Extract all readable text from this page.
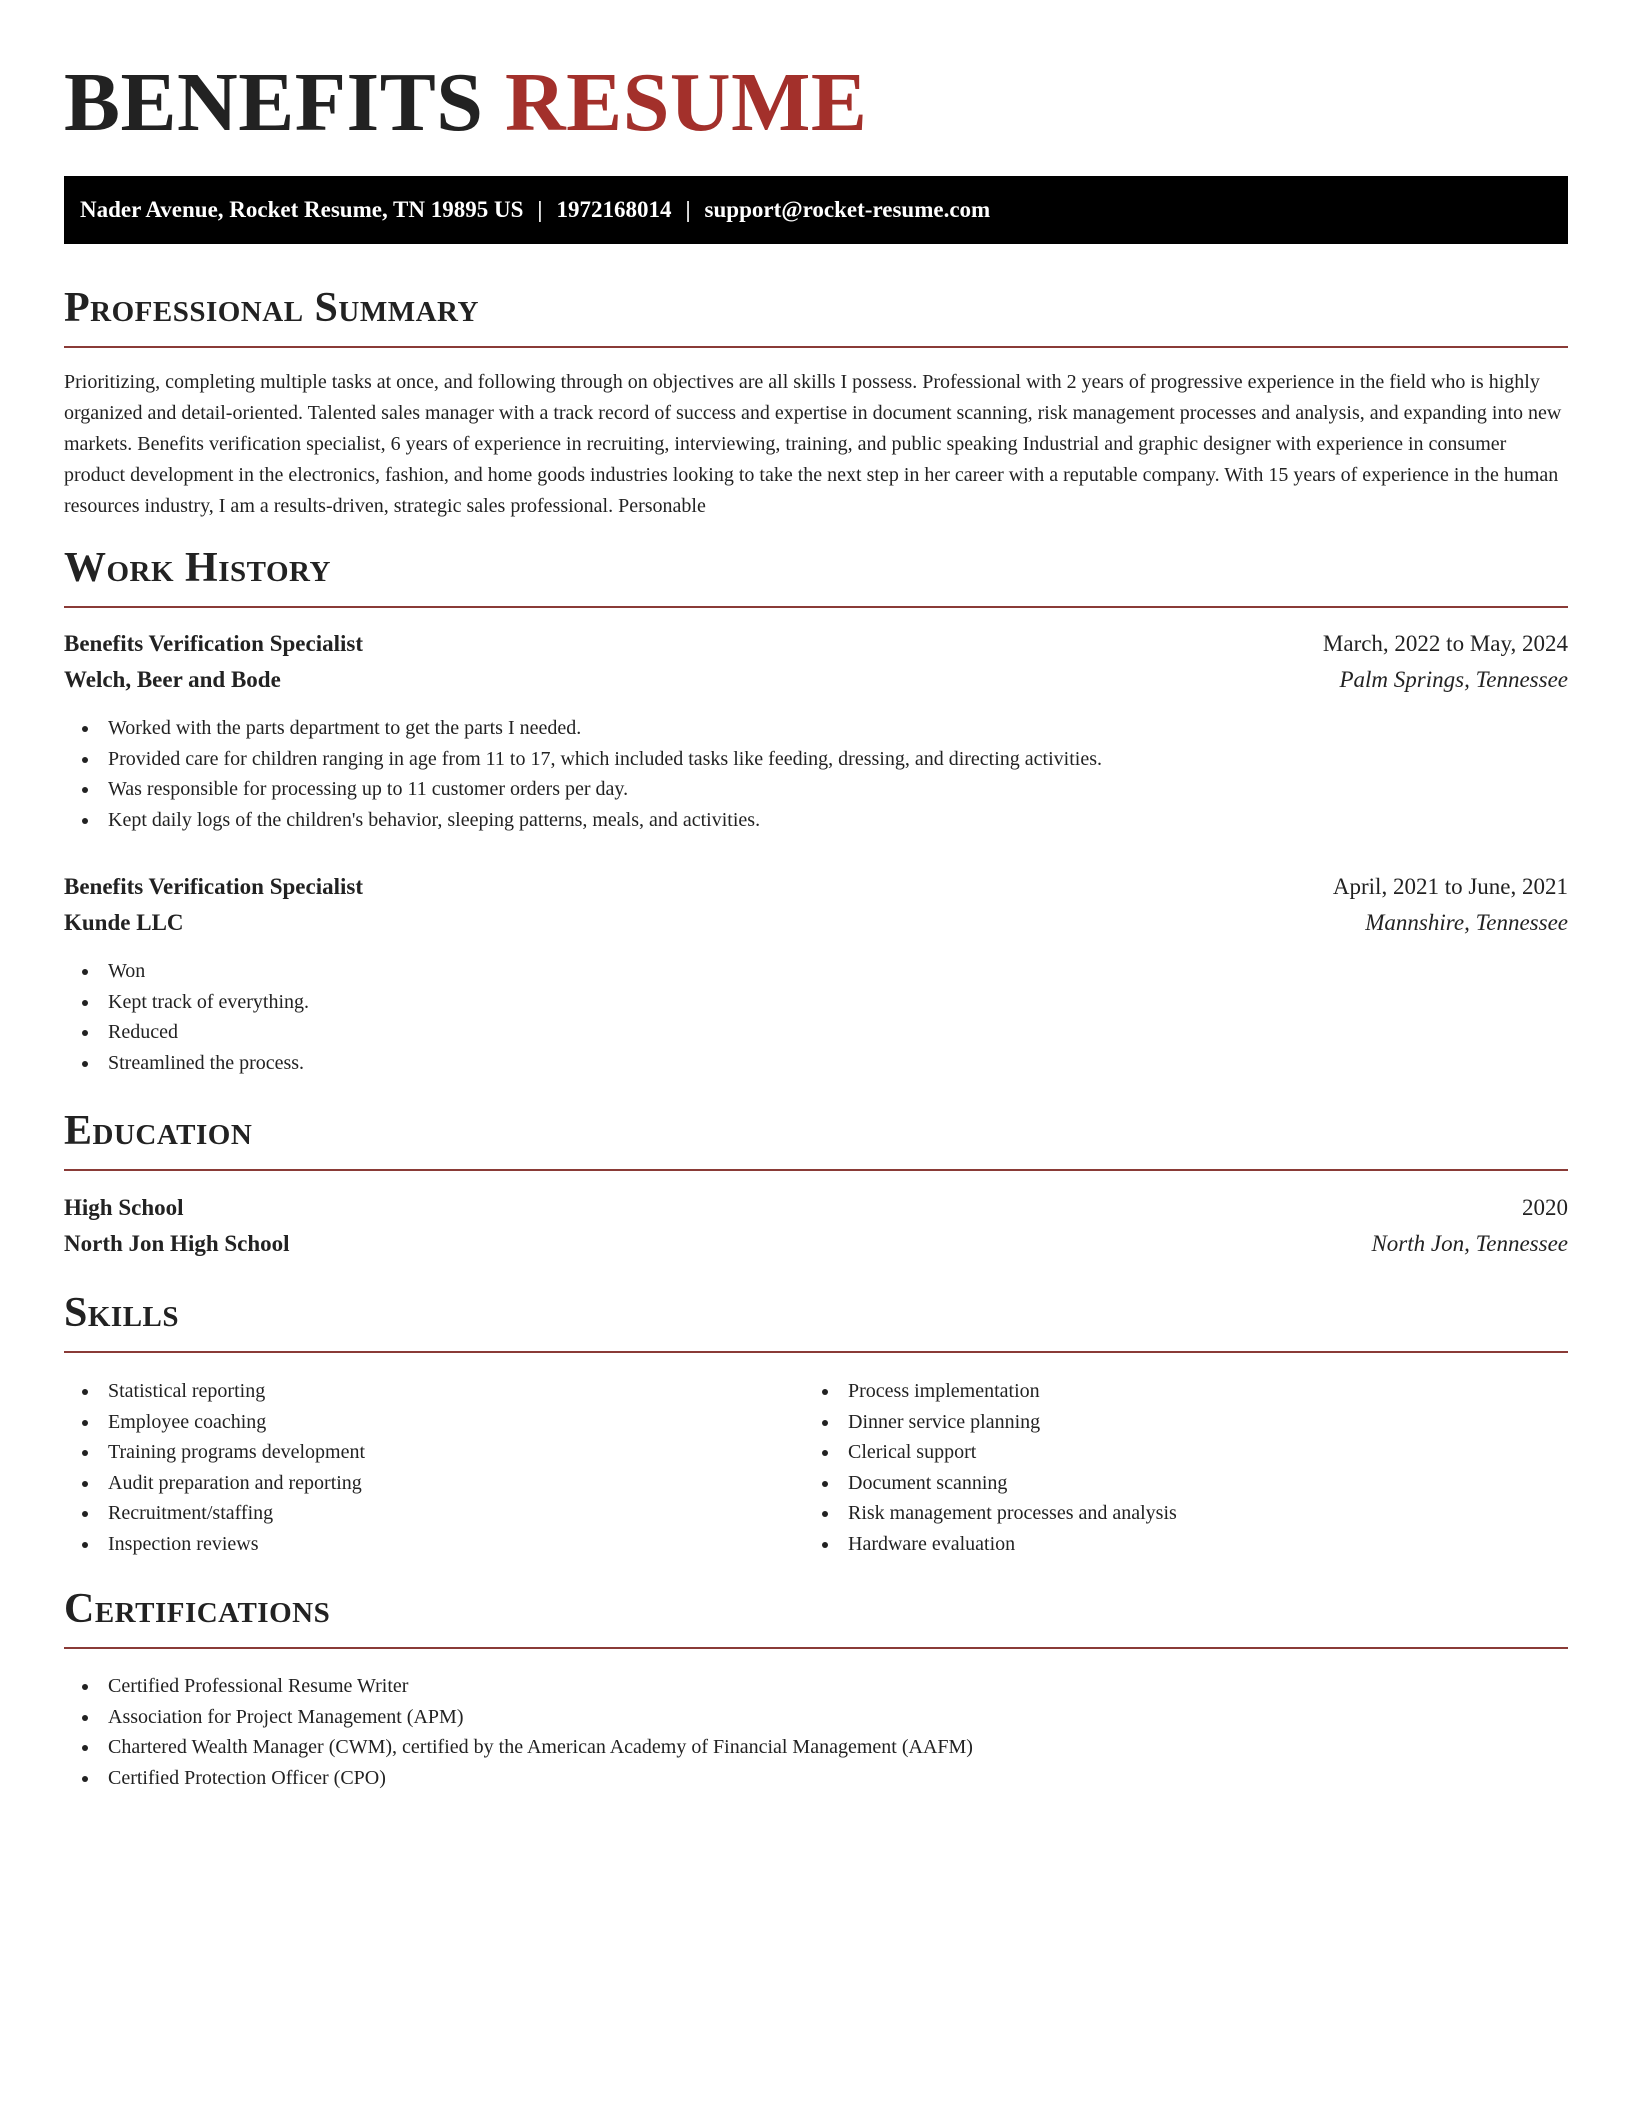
BENEFITS RESUME
Nader Avenue, Rocket Resume, TN 19895 US | 1972168014 | support@rocket-resume.com
Professional Summary

Prioritizing, completing multiple tasks at once, and following through on objectives are all skills I possess. Professional with 2 years of progressive experience in the field who is highly organized and detail-oriented. Talented sales manager with a track record of success and expertise in document scanning, risk management processes and analysis, and expanding into new markets. Benefits verification specialist, 6 years of experience in recruiting, interviewing, training, and public speaking Industrial and graphic designer with experience in consumer product development in the electronics, fashion, and home goods industries looking to take the next step in her career with a reputable company. With 15 years of experience in the human resources industry, I am a results-driven, strategic sales professional. Personable

Work History
Benefits Verification Specialist	March, 2022 to May, 2024
Welch, Beer and Bode	Palm Springs, Tennessee
Worked with the parts department to get the parts I needed.
Provided care for children ranging in age from 11 to 17, which included tasks like feeding, dressing, and directing activities.
Was responsible for processing up to 11 customer orders per day.
Kept daily logs of the children's behavior, sleeping patterns, meals, and activities.
Benefits Verification Specialist	April, 2021 to June, 2021
Kunde LLC	Mannshire, Tennessee
Won
Kept track of everything.
Reduced
Streamlined the process.
Education
High School	2020
North Jon High School	North Jon, Tennessee
Skills
Statistical reporting
Employee coaching
Training programs development
Audit preparation and reporting
Recruitment/staffing
Inspection reviews
Process implementation
Dinner service planning
Clerical support
Document scanning
Risk management processes and analysis
Hardware evaluation
Certifications
Certified Professional Resume Writer
Association for Project Management (APM)
Chartered Wealth Manager (CWM), certified by the American Academy of Financial Management (AAFM)
Certified Protection Officer (CPO)
